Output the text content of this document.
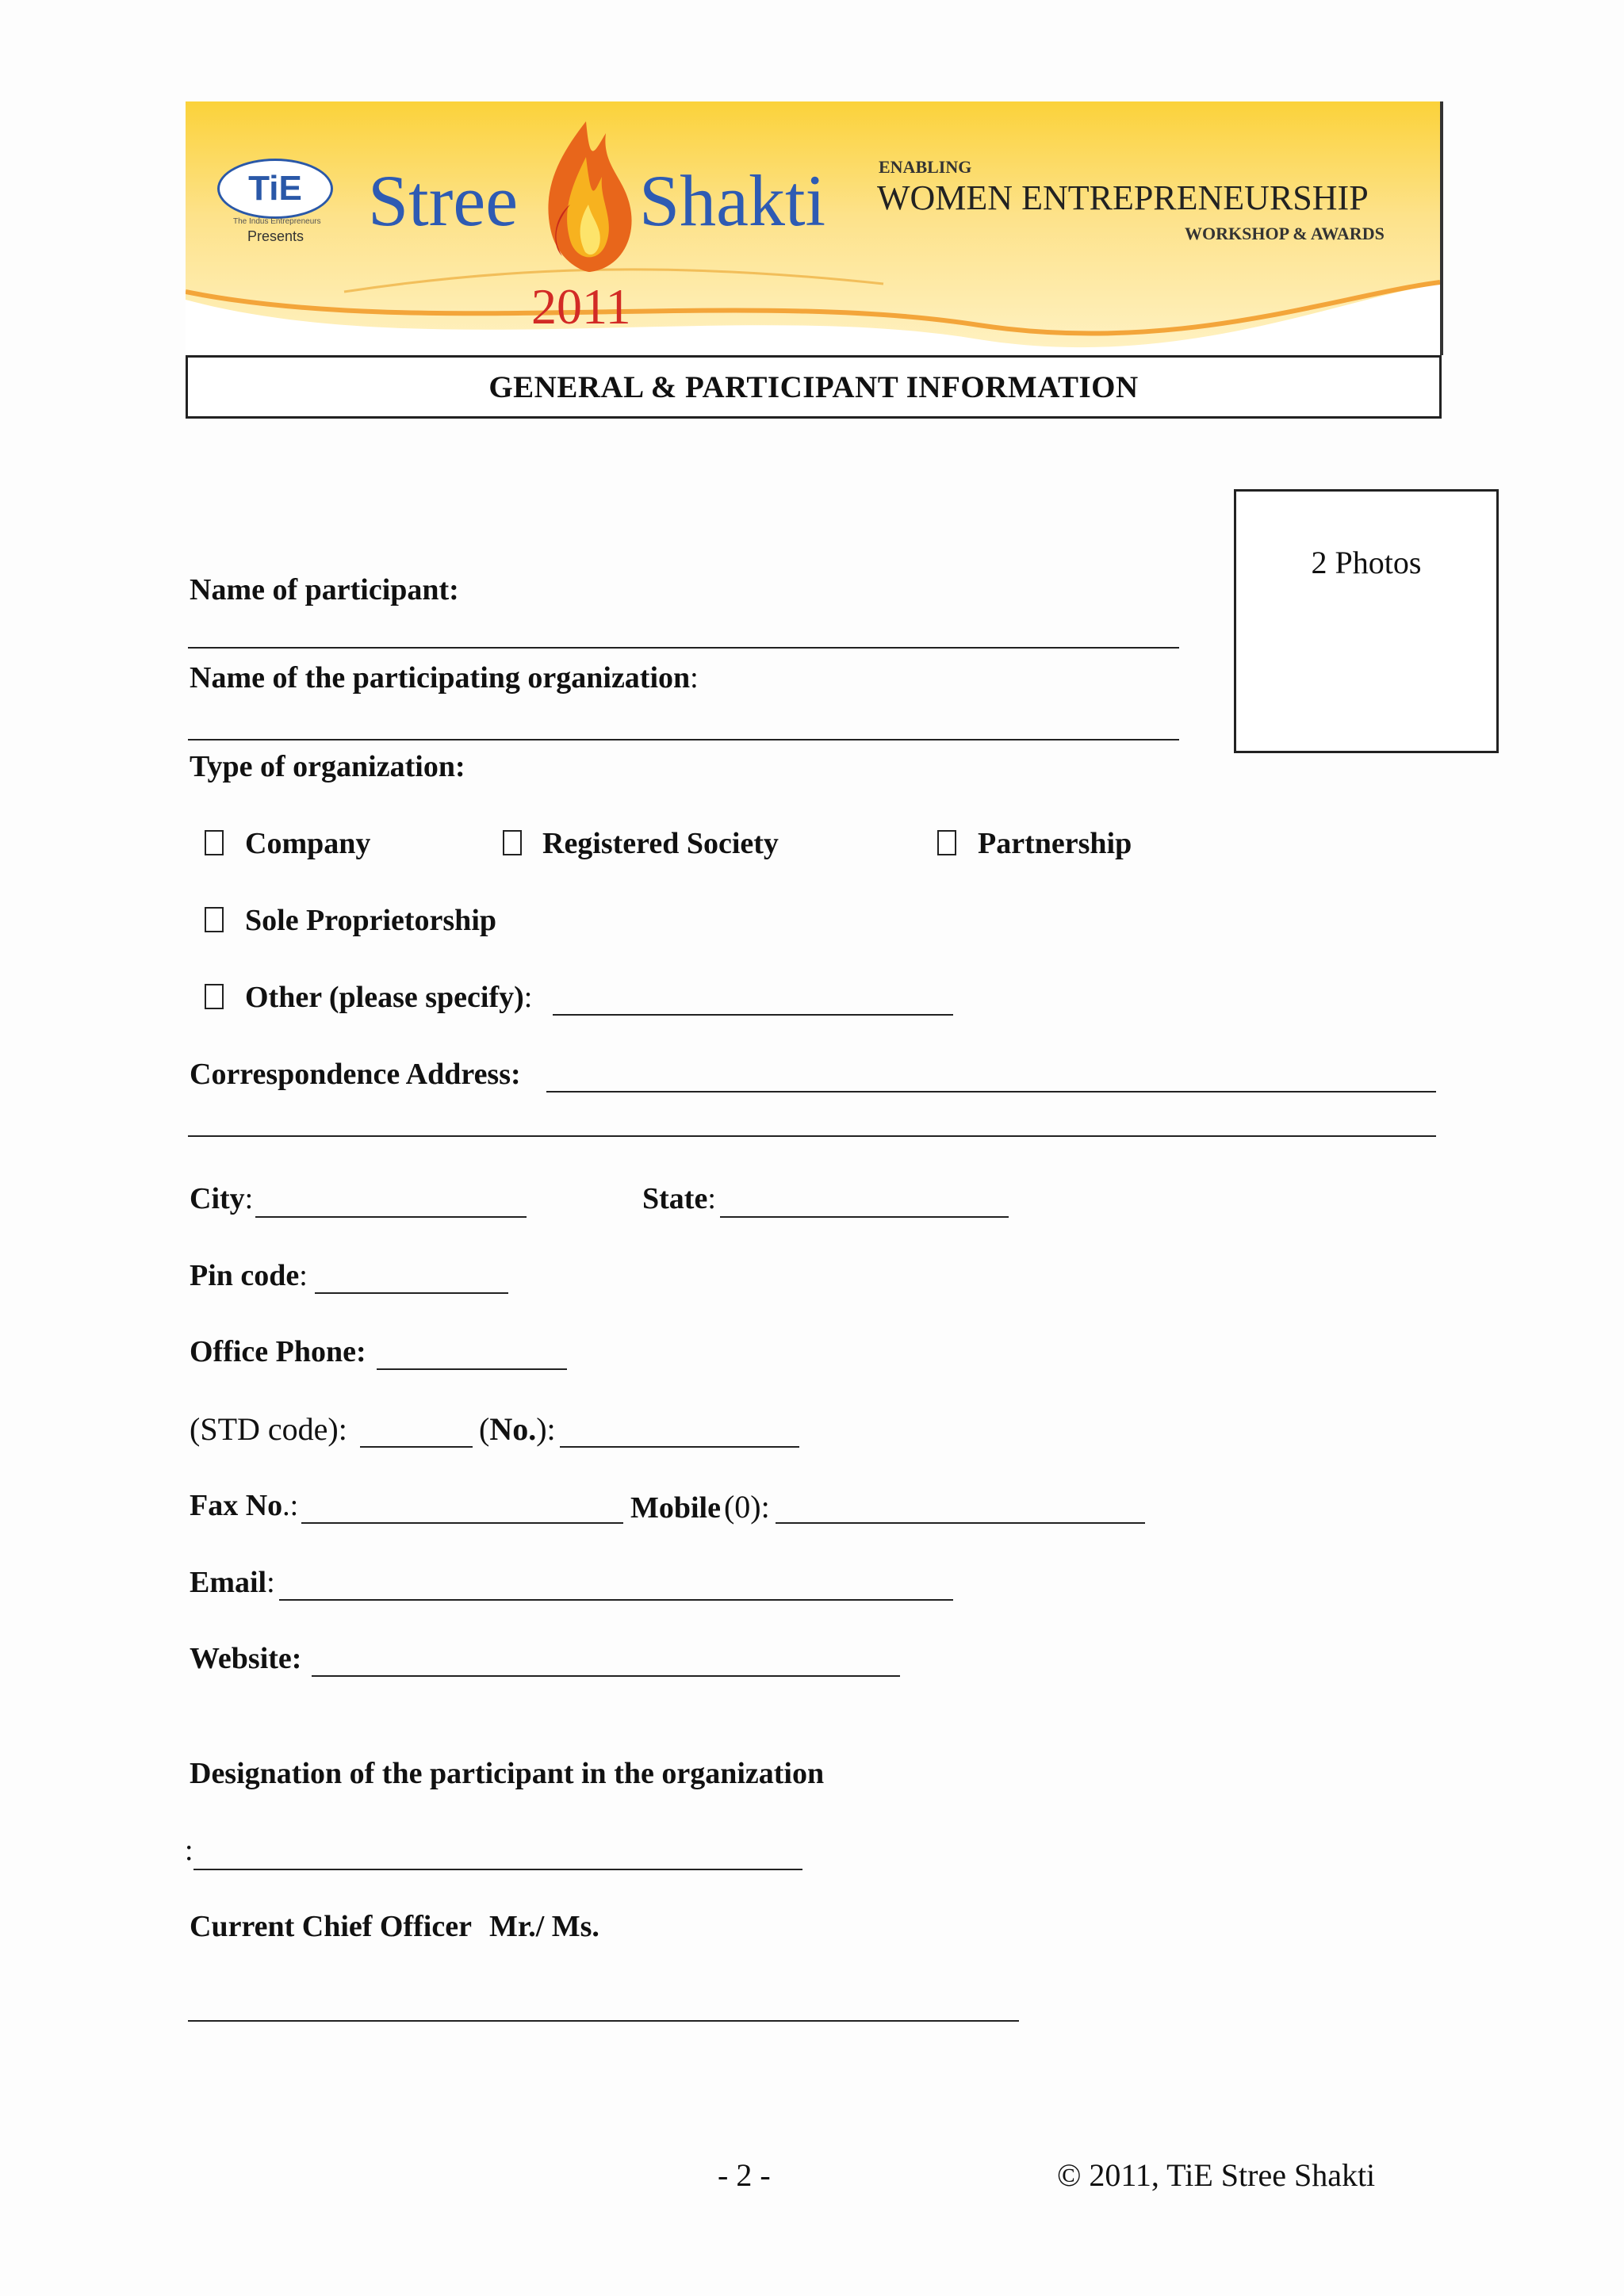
TiE
The Indus Entrepreneurs
Presents Stree Shakti
2011
ENABLING
WOMEN ENTREPRENEURSHIP
WORKSHOP & AWARDS
GENERAL & PARTICIPANT INFORMATION
2 Photos
Name of participant:
Name of the participating organization:
Type of organization:
Company	Registered Society	Partnership
Sole Proprietorship
Other (please specify):
Correspondence Address:
City:	State:
Pin code:
Office Phone:
(STD code):	(No.):
Fax No.:	Mobile (0):
Email:
Website:
Designation of the participant in the organization
:
Current Chief Officer Mr./ Ms.
- 2 -	© 2011, TiE Stree Shakti
